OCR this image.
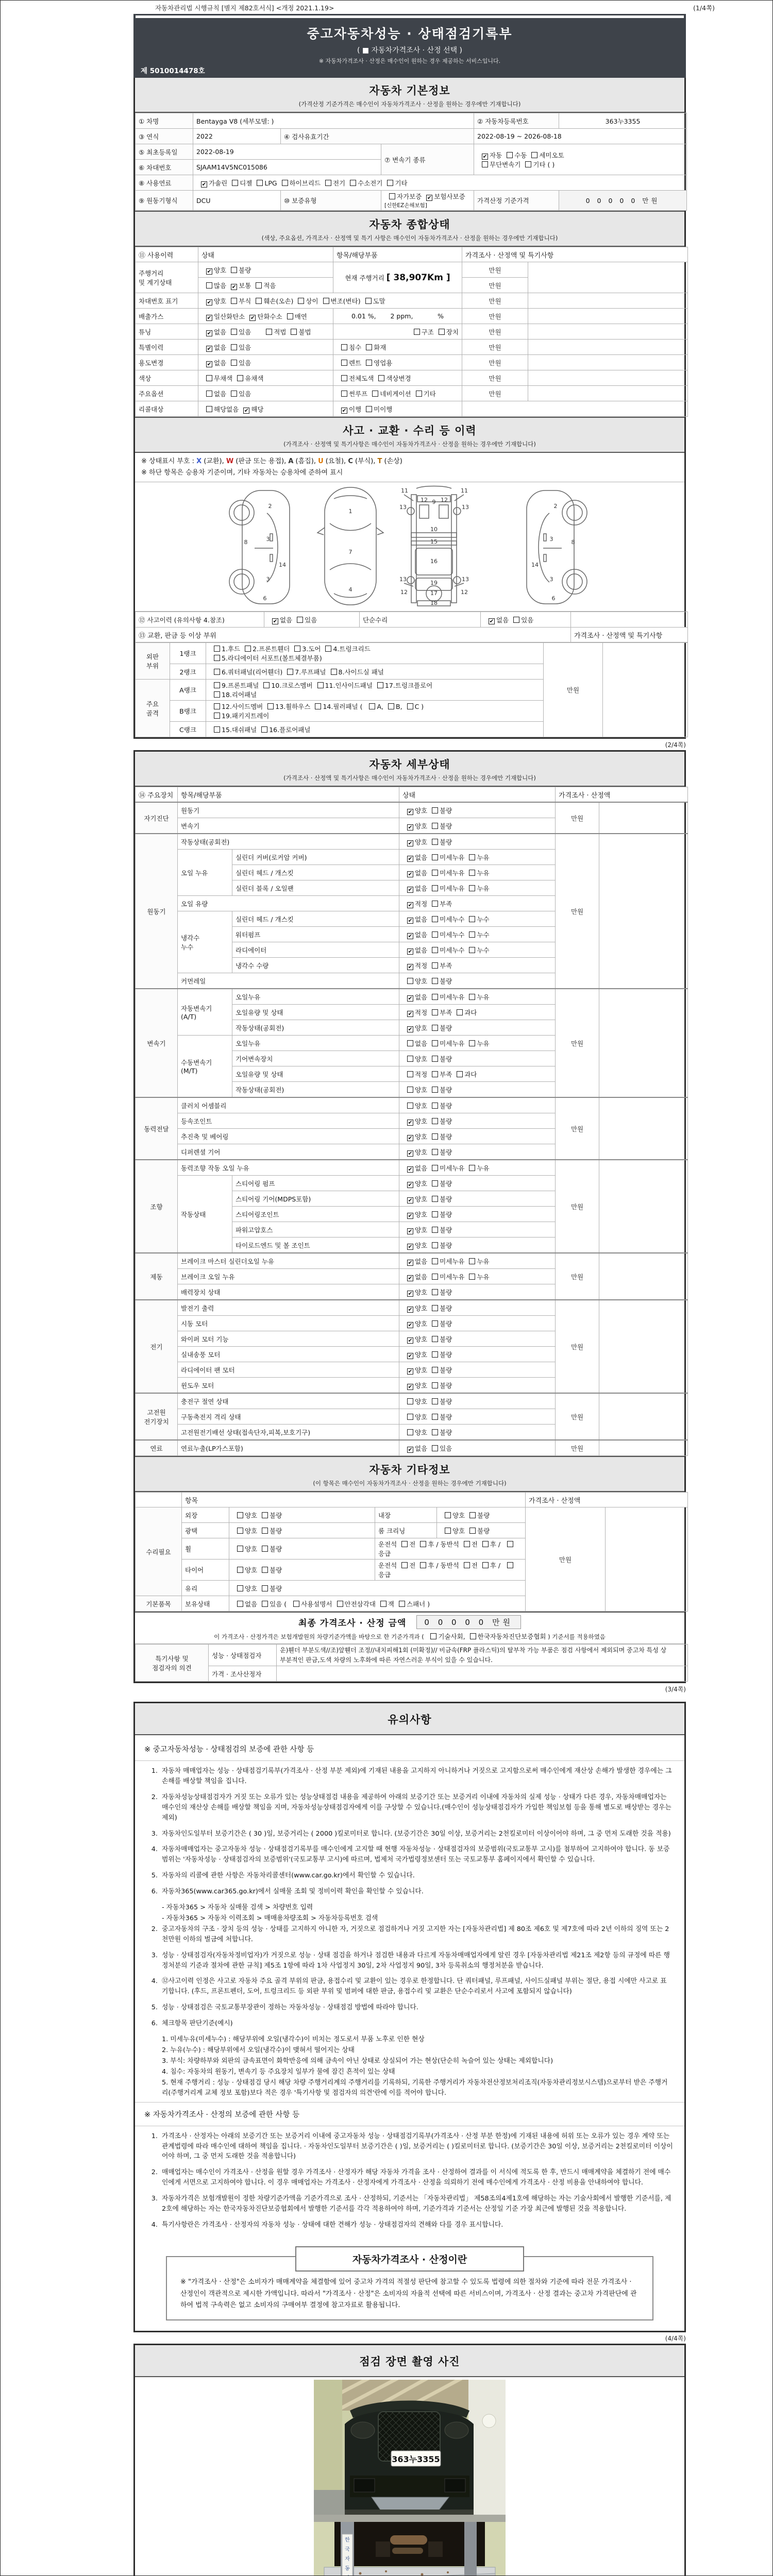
자동차관리법 시행규칙 [별지 제82호서식] <개정 2021.1.19>	(1/4쪽)
중고자동차성능 · 상태점검기록부
( ■ 자동차가격조사 · 산정 선택 )
※ 자동차가격조사 · 산정은 매수인이 원하는 경우 제공하는 서비스입니다.
제 5010014478호
자동차 기본정보
(가격산정 기준가격은 매수인이 자동차가격조사 · 산정을 원하는 경우에만 기재합니다)
① 차명	Bentayga V8 (세부모델: )			② 자동차등록번호	363누3355
③ 연식	2022	④ 검사유효기간		2022-08-19 ~ 2026-08-18	
⑤ 최초등록일	2022-08-19		⑦ 변속기 종류	✔ 자동 수동 세미오토
무단변속기 기타 ( )	
⑥ 차대번호	SJAAM14V5NC015086				
⑧ 사용연료	✔ 가솔린 디젤 LPG 하이브리드 전기 수소전기 기타				
⑨ 원동기형식	DCU	⑩ 보증유형	자가보증 ✔ 보험사보증 [신한EZ손해보험]	가격산정 기준가격	0 0 0 0 0 만원
자동차 종합상태
(색상, 주요옵션, 가격조사 · 산정액 및 특기 사항은 매수인이 자동차가격조사 · 산정을 원하는 경우에만 기재합니다)
⑪ 사용이력	상태	항목/해당부품	가격조사 · 산정액 및 특기사항	
주행거리
및 계기상태	✔ 양호 불량	현재 주행거리 [ 38,907Km ]	만원	
	많음 ✔ 보통 적음		만원	
차대번호 표기	✔ 양호 부식 훼손(오손) 상이 변조(변타) 도말		만원	
배출가스	✔ 일산화탄소 ✔ 탄화수소 매연	0.01 %,       2 ppm,            %	만원	
튜닝	✔ 없음 있음 적법 불법	구조 장치	만원	
특별이력	✔ 없음 있음	침수 화재	만원	
용도변경	✔ 없음 있음	렌트 영업용	만원	
색상	무채색 유채색	전체도색 색상변경	만원	
주요옵션	없음 있음	썬루프 네비게이션 기타	만원	
리콜대상	해당없음 ✔ 해당	✔ 이행 미이행		
사고 · 교환 · 수리 등 이력
(가격조사 · 산정액 및 특기사항은 매수인이 자동차가격조사 · 산정을 원하는 경우에만 기재합니다)
※ 상태표시 부호 : X (교환), W (판금 또는 용접), A (흠집), U (요철), C (부식), T (손상)
※ 하단 항목은 승용차 기준이며, 기타 자동차는 승용차에 준하여 표시
2
8	3
14
3
6
1
7
4
9
11	11
13	13
12 12
10
15
16
19
13	13
12	12
17
18
2
3	8
14
3
6
⑫ 사고이력 (유의사항 4.참조)	✔ 없음 있음	단순수리	✔ 없음 있음	
⑬ 교환, 판금 등 이상 부위				가격조사 · 산정액 및 특기사항
외판
부위	1랭크	1.후드 2.프론트휀더 3.도어 4.트렁크리드
5.라디에이터 서포트(볼트체결부품)	만원	
	2랭크	6.쿼터패널(리어휀더) 7.루프패널 8.사이드실 패널		
주요
골격	A랭크	9.프론트패널 10.크로스멤버 11.인사이드패널 17.트렁크플로어
18.리어패널		
	B랭크	12.사이드멤버 13.휠하우스 14.필러패널 ( A, B, C )
19.패키지트레이		
	C랭크	15.대쉬패널 16.플로어패널		
(2/4쪽)
자동차 세부상태
(가격조사 · 산정액 및 특기사항은 매수인이 자동차가격조사 · 산정을 원하는 경우에만 기재합니다)
⑭ 주요장치	항목/해당부품		상태	가격조사 · 산정액	
자기진단	원동기		✔ 양호 불량	만원	
	변속기		✔ 양호 불량		
원동기	작동상태(공회전)		✔ 양호 불량	만원	
	오일 누유	실린더 커버(로커암 커버)	✔ 없음 미세누유 누유		
		실린더 헤드 / 개스킷	✔ 없음 미세누유 누유		
		실린더 블록 / 오일팬	✔ 없음 미세누유 누유		
	오일 유량		✔ 적정 부족		
	냉각수
누수	실린더 헤드 / 개스킷	✔ 없음 미세누수 누수		
		워터펌프	✔ 없음 미세누수 누수		
		라디에이터	✔ 없음 미세누수 누수		
		냉각수 수량	✔ 적정 부족		
	커먼레일		양호 불량		
변속기	자동변속기
(A/T)	오일누유	✔ 없음 미세누유 누유	만원	
		오일유량 및 상태	✔ 적정 부족 과다		
		작동상태(공회전)	✔ 양호 불량		
	수동변속기
(M/T)	오일누유	없음 미세누유 누유		
		기어변속장치	양호 불량		
		오일유량 및 상태	적정 부족 과다		
		작동상태(공회전)	양호 불량		
동력전달	클러치 어셈블리		양호 불량	만원	
	등속조인트		✔ 양호 불량		
	추진축 및 베어링		✔ 양호 불량		
	디퍼렌셜 기어		✔ 양호 불량		
조향	동력조향 작동 오일 누유		✔ 없음 미세누유 누유	만원	
	작동상태	스티어링 펌프	✔ 양호 불량		
		스티어링 기어(MDPS포함)	✔ 양호 불량		
		스티어링조인트	✔ 양호 불량		
		파워고압호스	✔ 양호 불량		
		타이로드엔드 및 볼 조인트	✔ 양호 불량		
제동	브레이크 마스터 실린더오일 누유		✔ 없음 미세누유 누유	만원	
	브레이크 오일 누유		✔ 없음 미세누유 누유		
	배력장치 상태		✔ 양호 불량		
전기	발전기 출력		✔ 양호 불량	만원	
	시동 모터		✔ 양호 불량		
	와이퍼 모터 기능		✔ 양호 불량		
	실내송풍 모터		✔ 양호 불량		
	라디에이터 팬 모터		✔ 양호 불량		
	윈도우 모터		✔ 양호 불량		
고전원
전기장치	충전구 절연 상태		양호 불량	만원	
	구동축전지 격리 상태		양호 불량		
	고전원전기배선 상태(접속단자,피복,보호기구)		양호 불량		
연료	연료누출(LP가스포함)		✔ 없음 있음	만원	
자동차 기타정보
(이 항목은 매수인이 자동차가격조사 · 산정을 원하는 경우에만 기재합니다)
	항목				가격조사 · 산정액	
수리필요	외장	양호 불량	내장	양호 불량	만원	
	광택	양호 불량	룸 크리닝	양호 불량		
	휠	양호 불량	운전석 전 후 / 동반석 전 후 / 응급			
	타이어	양호 불량	운전석 전 후 / 동반석 전 후 / 응급			
	유리	양호 불량				
기본품목	보유상태	없음 있음 ( 사용설명서 안전삼각대 잭 스패너 )				
최종 가격조사 · 산정 금액	0 0 0 0 0 만원
이 가격조사 · 산정가격은 보험개발원의 차량기준가액을 바탕으로 한 기준가격과 ( 기술사회, 한국자동차진단보증협회 ) 기준서를 적용하였음
특기사항 및
점검자의 의견	성능 · 상태점검자	운)휀더 부분도색//조)앞휀더 조정//내치피해1회 (미확정)// 비금속(FRP 플라스틱)의 탈부착 가능 부품은 점검 사항에서 제외되며 중고차 특성 상 부분적인 판금,도색 차량의 노후화에 따른 자연스러운 부식이 있을 수 있습니다.
	가격 · 조사산정자	
(3/4쪽)
유의사항
※ 중고자동차성능 · 상태점검의 보증에 관한 사항 등
1. 자동차 매매업자는 성능 · 상태점검기록부(가격조사 · 산정 부분 제외)에 기재된 내용을 고지하지 아니하거나 거짓으로 고지함으로써 매수인에게 재산상 손해가 발생한 경우에는 그 손해를 배상할 책임을 집니다.
2. 자동차성능상태점검자가 거짓 또는 오류가 있는 성능상태점검 내용을 제공하여 아래의 보증기간 또는 보증거리 이내에 자동차의 실제 성능 · 상태가 다른 경우, 자동차매매업자는 매수인의 재산상 손해를 배상할 책임을 지며, 자동차성능상태점검자에게 이를 구상할 수 있습니다.(매수인이 성능상태점검자가 가입한 책임보험 등을 통해 별도로 배상받는 경우는 제외)
3. 자동차인도일부터 보증기간은 ( 30 )일, 보증거리는 ( 2000 )킬로미터로 합니다. (보증기간은 30일 이상, 보증거리는 2천킬로미터 이상이어야 하며, 그 중 먼저 도래한 것을 적용)
4. 자동차매매업자는 중고자동차 성능 · 상태점검기록부를 매수인에게 고지할 때 현행 자동차성능 · 상태점검자의 보증범위(국토교통부 고시)를 첨부하여 고지하여야 합니다. 동 보증범위는 '자동차성능 · 상태점검자의 보증범위'(국토교통부 고시)에 따르며, 법제처 국가법령정보센터 또는 국토교통부 홈페이지에서 확인할 수 있습니다.
5. 자동차의 리콜에 관한 사항은 자동차리콜센터(www.car.go.kr)에서 확인할 수 있습니다.
6. 자동차365(www.car365.go.kr)에서 실매물 조회 및 정비이력 확인을 확인할 수 있습니다.
- 자동차365 > 자동차 실매물 검색 > 차량번호 입력
- 자동차365 > 자동차 이력조회 > 매매용차량조회 > 자동차등록번호 검색
2. 중고자동차의 구조 · 장치 등의 성능 · 상태를 고지하지 아니한 자, 거짓으로 점검하거나 거짓 고지한 자는 [자동차관리법] 제 80조 제6호 및 제7호에 따라 2년 이하의 징역 또는 2천만원 이하의 벌금에 처합니다.
3. 성능 · 상태점검자(자동차정비업자)가 거짓으로 성능 · 상태 점검을 하거나 점검한 내용과 다르게 자동차매매업자에게 알린 경우 [자동차관리법 제21조 제2항 등의 규정에 따른 행정처분의 기준과 절차에 관한 규칙] 제5조 1항에 따라 1차 사업정지 30일, 2차 사업정지 90일, 3차 등록취소의 행정처분을 받습니다.
4. ⑫사고이력 인정은 사고로 자동차 주요 골격 부위의 판금, 용접수리 및 교환이 있는 경우로 한정합니다. 단 쿼터패널, 루프패널, 사이드실패널 부위는 절단, 용접 시에만 사고로 표기합니다. (후드, 프론트펜더, 도어, 트렁크리드 등 외판 부위 및 범퍼에 대한 판금, 용접수리 및 교환은 단순수리로서 사고에 포함되지 않습니다)
5. 성능 · 상태점검은 국토교통부장관이 정하는 자동차성능 · 상태점검 방법에 따라야 합니다.
6. 체크항목 판단기준(예시)
1. 미세누유(미세누수) : 해당부위에 오일(냉각수)이 비치는 정도로서 부품 노후로 인한 현상
2. 누유(누수) : 해당부위에서 오일(냉각수)이 맺혀서 떨어지는 상태
3. 부식: 차량하부와 외판의 금속표면이 화학반응에 의해 금속이 아닌 상태로 상실되어 가는 현상(단순히 녹슬어 있는 상태는 제외합니다)
4. 침수: 자동차의 원동기, 변속기 등 주요장치 일부가 물에 잠긴 흔적이 있는 상태
5. 현재 주행거리 : 성능 · 상태점검 당시 해당 차량 주행거리계의 주행거리를 기록하되, 기록한 주행거리가 자동차전산정보처리조직(자동차관리정보시스템)으로부터 받은 주행거리(주행거리계 교체 정보 포함)보다 적은 경우 '특기사항 및 점검자의 의견'란에 이를 적어야 합니다.
※ 자동차가격조사 · 산정의 보증에 관한 사항 등
1. 가격조사 · 산정자는 아래의 보증기간 또는 보증거리 이내에 중고자동차 성능 · 상태점검기록부(가격조사 · 산정 부분 한정)에 기재된 내용에 허위 또는 오류가 있는 경우 계약 또는 관계법령에 따라 매수인에 대하여 책임을 집니다. · 자동차인도일부터 보증기간은 ( )일, 보증거리는 ( )킬로미터로 합니다. (보증기간은 30일 이상, 보증거리는 2천킬로미터 이상이어야 하며, 그 중 먼저 도래한 것을 적용합니다)
2. 매매업자는 매수인이 가격조사 · 산정을 원할 경우 가격조사 · 산정자가 해당 자동차 가격을 조사 · 산정하여 결과를 이 서식에 적도록 한 후, 반드시 매매계약을 체결하기 전에 매수인에게 서면으로 고지하여야 합니다. 이 경우 매매업자는 가격조사 · 산정자에게 가격조사 · 산정을 의뢰하기 전에 매수인에게 가격조사 · 산정 비용을 안내하여야 합니다.
3. 자동차가격은 보험개발원이 정한 차량기준가액을 기준가격으로 조사 · 산정하되, 기준서는 「자동차관리법」 제58조의4제1호에 해당하는 자는 기술사회에서 발행한 기준서를, 제2호에 해당하는 자는 한국자동차진단보증협회에서 발행한 기준서를 각각 적용하여야 하며, 기준가격과 기준서는 산정일 기준 가장 최근에 발행된 것을 적용합니다.
4. 특기사항란은 가격조사 · 산정자의 자동차 성능 · 상태에 대한 견해가 성능 · 상태점검자의 견해와 다를 경우 표시합니다.
자동차가격조사 · 산정이란
※ "가격조사 · 산정"은 소비자가 매매계약을 체결함에 있어 중고차 가격의 적절성 판단에 참고할 수 있도록 법령에 의한 절차와 기준에 따라 전문 가격조사 · 산정인이 객관적으로 제시한 가액입니다. 따라서 "가격조사 · 산정"은 소비자의 자율적 선택에 따른 서비스이며, 가격조사 · 산정 결과는 중고차 가격판단에 관하여 법적 구속력은 없고 소비자의 구매여부 결정에 참고자료로 활용됩니다.
(4/4쪽)
점검 장면 촬영 사진
363누3355
한 국 자 동
